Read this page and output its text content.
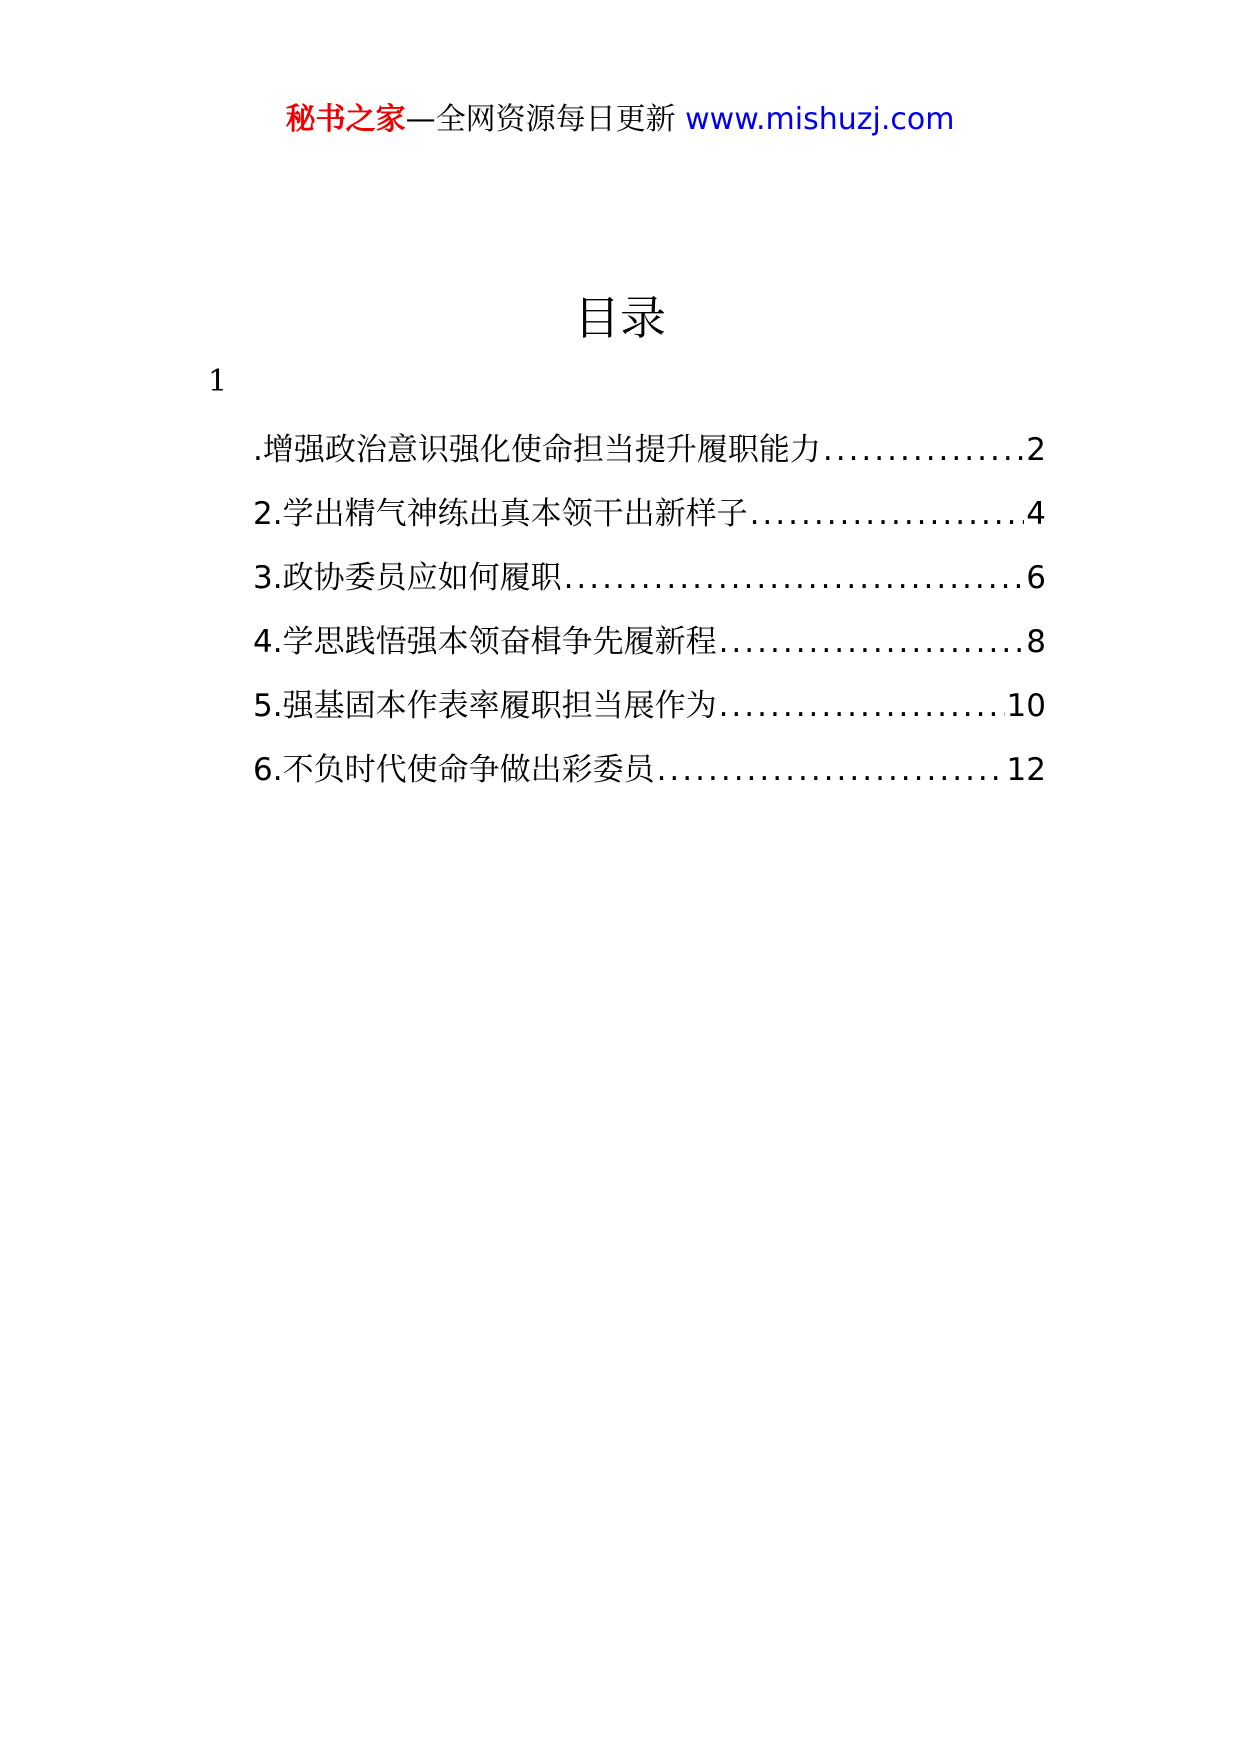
秘书之家—全网资源每日更新 www.mishuzj.com
目录
1
.增强政治意识强化使命担当提升履职能力 .....	2
2.学出精气神练出真本领干出新样子 .....	4
3.政协委员应如何履职 .....	6
4.学思践悟强本领奋楫争先履新程 .....	8
5.强基固本作表率履职担当展作为 .....	10
6.不负时代使命争做出彩委员 .....	12
